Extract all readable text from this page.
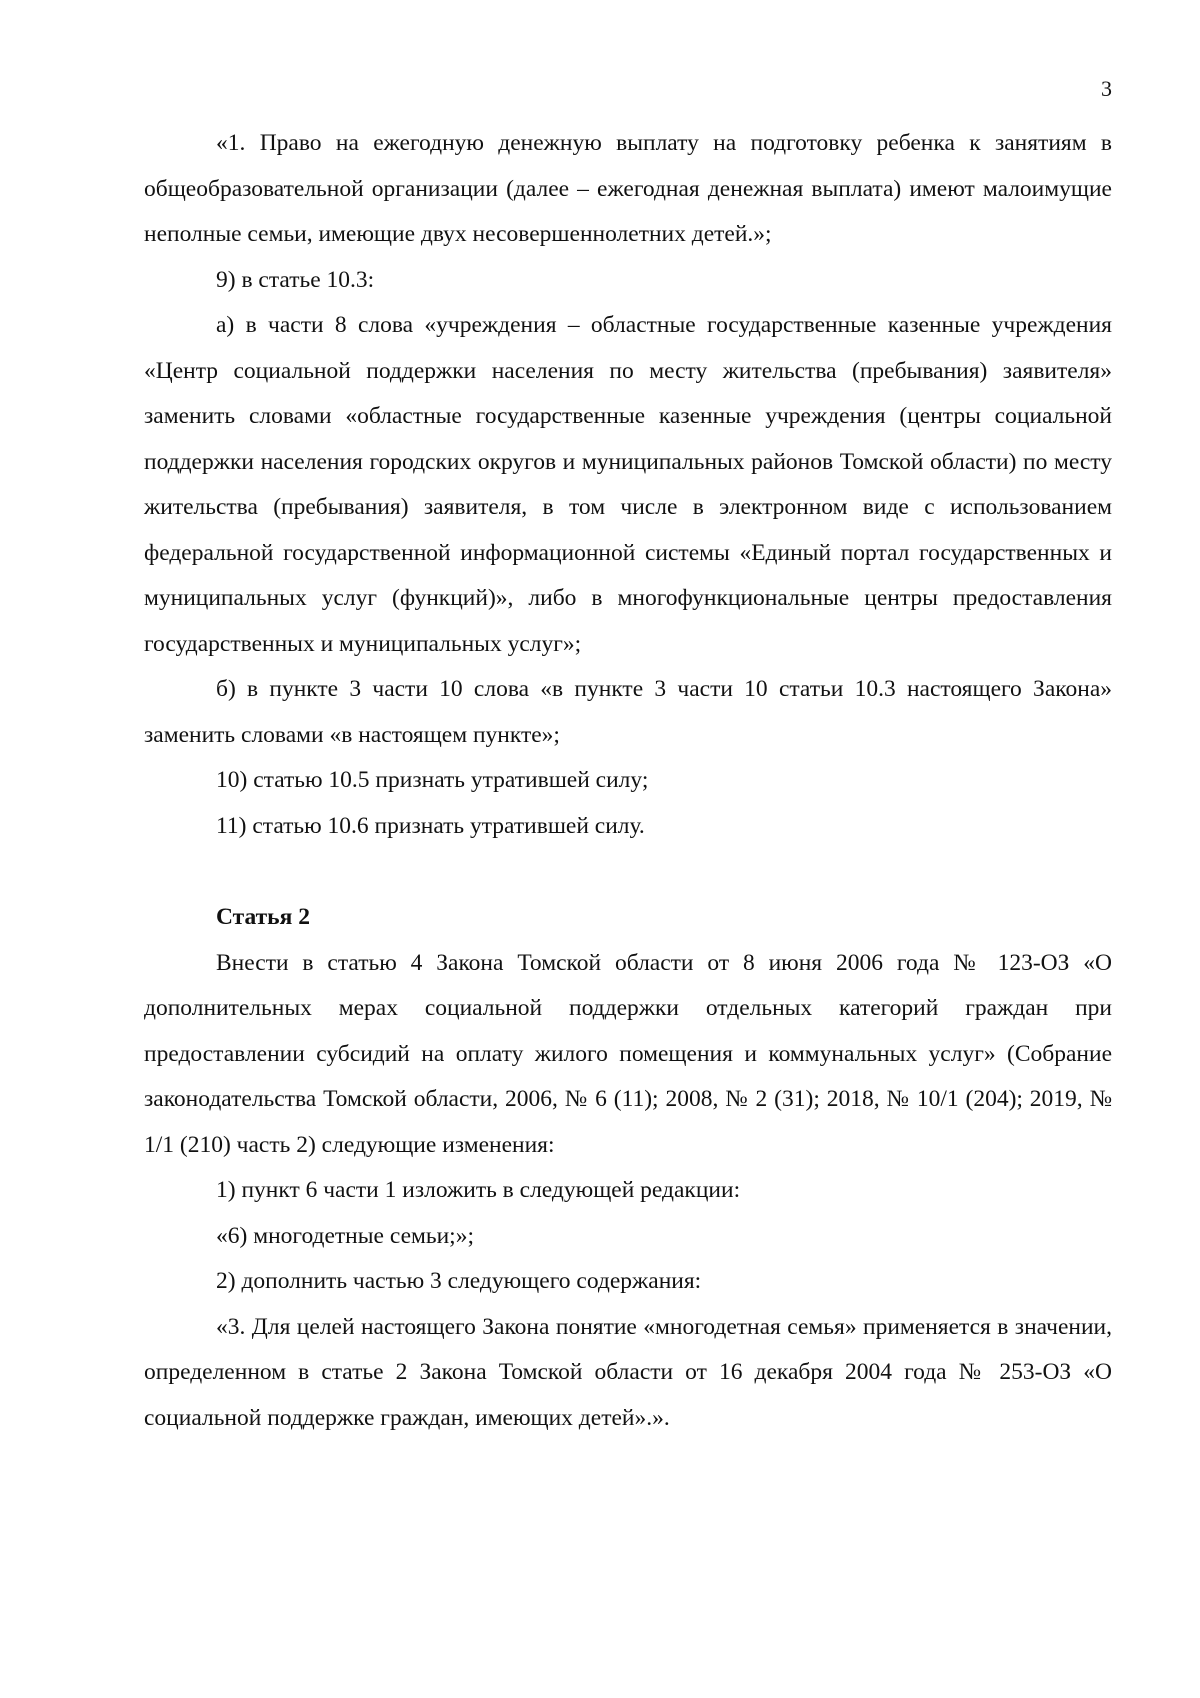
3

«1. Право на ежегодную денежную выплату на подготовку ребенка к занятиям в общеобразовательной организации (далее – ежегодная денежная выплата) имеют малоимущие неполные семьи, имеющие двух несовершеннолетних детей.»;

9) в статье 10.3:

а) в части 8 слова «учреждения – областные государственные казенные учреждения «Центр социальной поддержки населения по месту жительства (пребывания) заявителя» заменить словами «областные государственные казенные учреждения (центры социальной поддержки населения городских округов и муниципальных районов Томской области) по месту жительства (пребывания) заявителя, в том числе в электронном виде с использованием федеральной государственной информационной системы «Единый портал государственных и муниципальных услуг (функций)», либо в многофункциональные центры предоставления государственных и муниципальных услуг»;

б) в пункте 3 части 10 слова «в пункте 3 части 10 статьи 10.3 настоящего Закона» заменить словами «в настоящем пункте»;

10) статью 10.5 признать утратившей силу;

11) статью 10.6 признать утратившей силу.

Статья 2

Внести в статью 4 Закона Томской области от 8 июня 2006 года № 123-ОЗ «О дополнительных мерах социальной поддержки отдельных категорий граждан при предоставлении субсидий на оплату жилого помещения и коммунальных услуг» (Собрание законодательства Томской области, 2006, № 6 (11); 2008, № 2 (31); 2018, № 10/1 (204); 2019, № 1/1 (210) часть 2) следующие изменения:

1) пункт 6 части 1 изложить в следующей редакции:

«6) многодетные семьи;»;

2) дополнить частью 3 следующего содержания:

«3. Для целей настоящего Закона понятие «многодетная семья» применяется в значении, определенном в статье 2 Закона Томской области от 16 декабря 2004 года № 253-ОЗ «О социальной поддержке граждан, имеющих детей».».
